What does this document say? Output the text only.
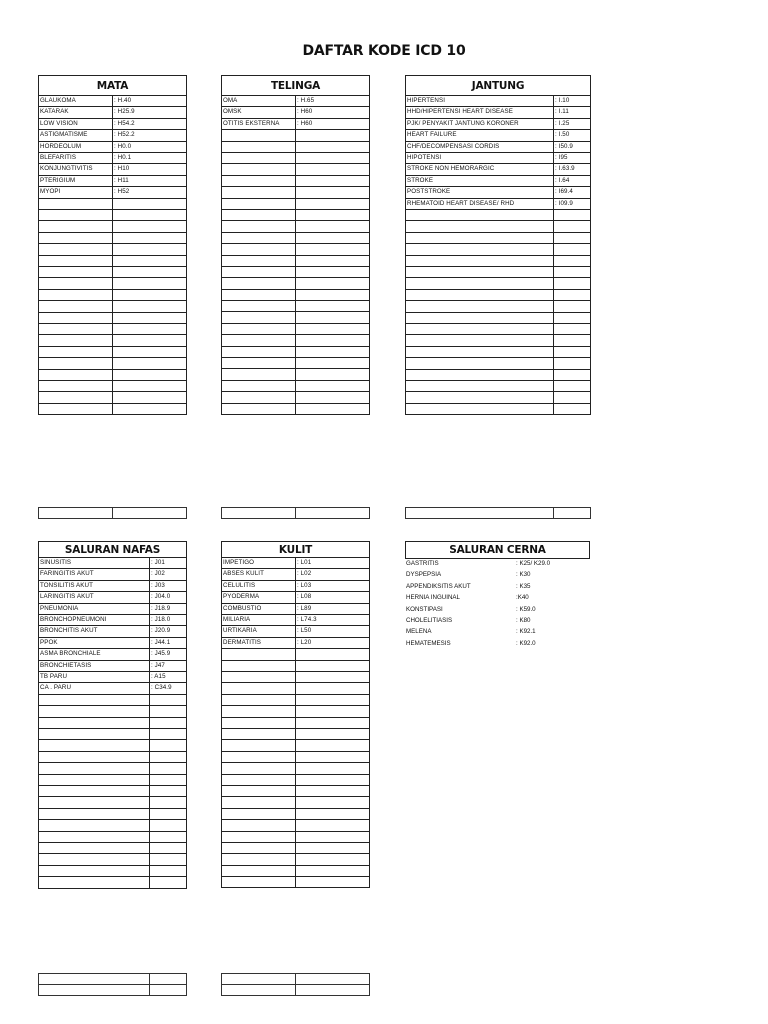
DAFTAR KODE ICD 10
MATA	
GLAUKOMA	: H.40
KATARAK	: H25.9
LOW VISION	: H54.2
ASTIGMATISME	: H52.2
HORDEOLUM	: H0.0
BLEFARITIS	: H0.1
KONJUNGTIVITIS	: H10
PTERIGIUM	: H11
MYOPI	: H52

TELINGA	
OMA	: H.65
OMSK	: H60
OTITIS EKSTERNA	: H60

JANTUNG	
HIPERTENSI	: I.10
HHD/HIPERTENSI HEART DISEASE	: I.11
PJK/ PENYAKIT JANTUNG KORONER	: I.25
HEART FAILURE	: I.50
CHF/DECOMPENSASI CORDIS	: I50.9
HIPOTENSI	: I95
STROKE NON HEMORARGIC	: I.63.9
STROKE	: I.64
POSTSTROKE	: I69.4
RHEMATOID HEART DISEASE/ RHD	: I09.9

SALURAN NAFAS	
SINUSITIS	: J01
FARINGITIS AKUT	: J02
TONSILITIS AKUT	: J03
LARINGITIS AKUT	: J04.0
PNEUMONIA	: J18.9
BRONCHOPNEUMONI	: J18.0
BRONCHITIS AKUT	: J20.9
PPOK	: J44.1
ASMA BRONCHIALE	: J45.9
BRONCHIETASIS	: J47
TB PARU	: A15
CA . PARU	: C34.9

KULIT	
IMPETIGO	: L01
ABSES KULIT	: L02
CELULITIS	: L03
PYODERMA	: L08
COMBUSTIO	: L89
MILIARIA	: L74.3
URTIKARIA	: L50
DERMATITIS	: L20

SALURAN CERNA
GASTRITIS	: K25/ K29.0
DYSPEPSIA	: K30
APPENDIKSITIS AKUT	: K35
HERNIA INGUINAL	:K40
KONSTIPASI	: K59.0
CHOLELITIASIS	: K80
MELENA	: K92.1
HEMATEMESIS	: K92.0
